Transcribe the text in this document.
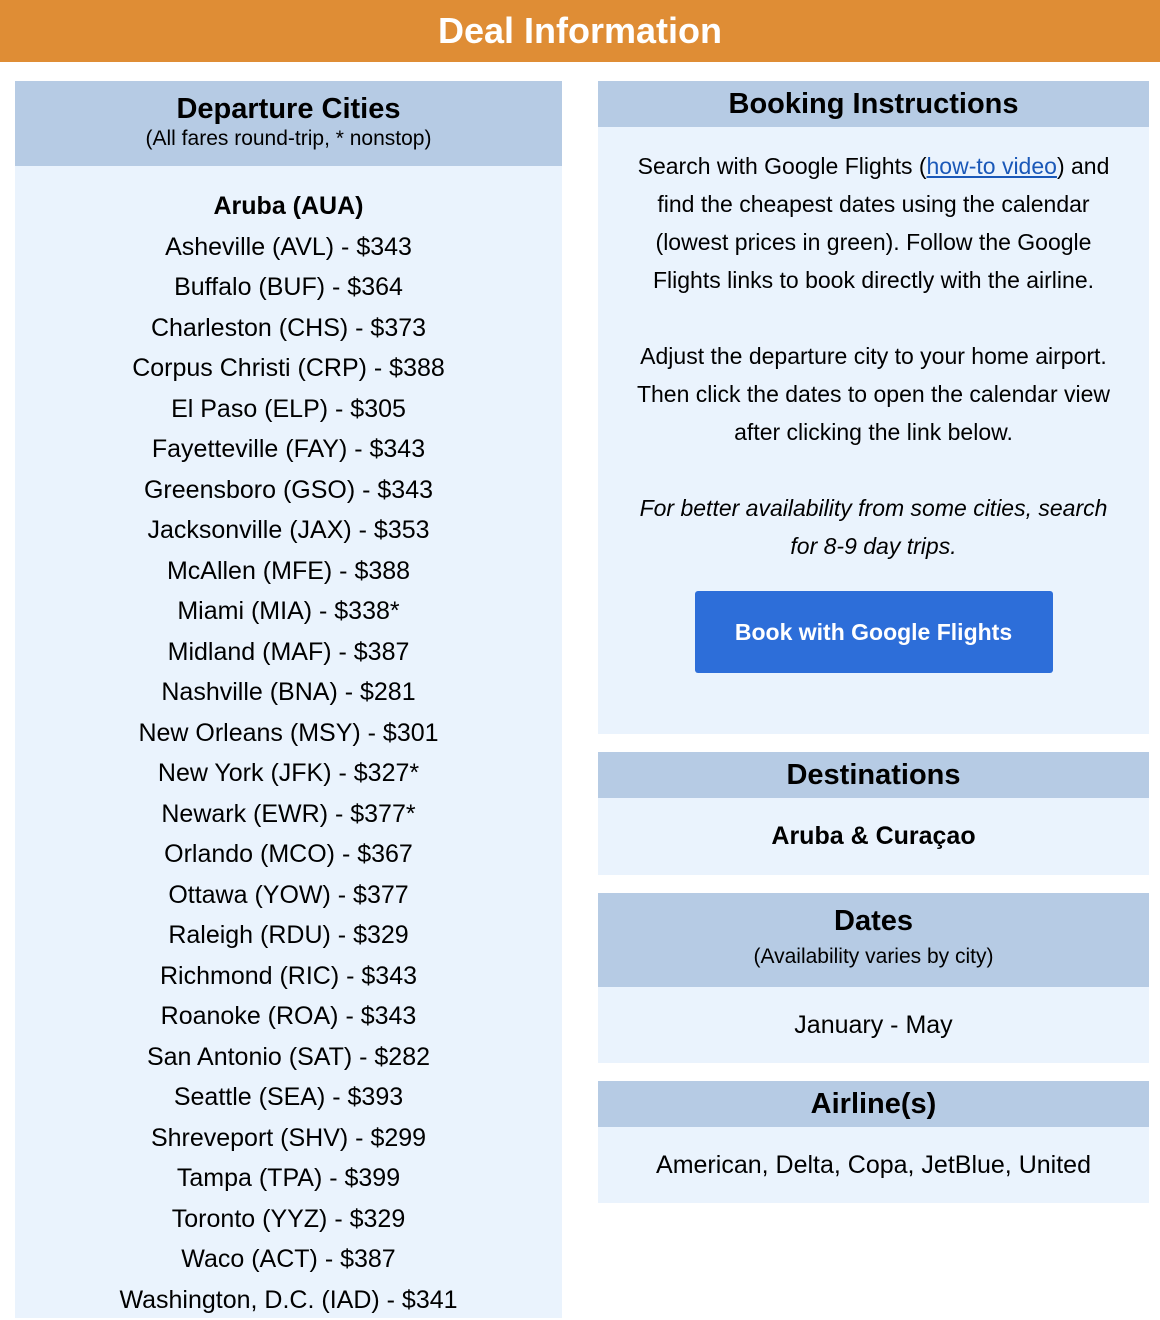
Deal Information
Departure Cities
(All fares round-trip, * nonstop)
Aruba (AUA)
Asheville (AVL) - $343
Buffalo (BUF) - $364
Charleston (CHS) - $373
Corpus Christi (CRP) - $388
El Paso (ELP) - $305
Fayetteville (FAY) - $343
Greensboro (GSO) - $343
Jacksonville (JAX) - $353
McAllen (MFE) - $388
Miami (MIA) - $338*
Midland (MAF) - $387
Nashville (BNA) - $281
New Orleans (MSY) - $301
New York (JFK) - $327*
Newark (EWR) - $377*
Orlando (MCO) - $367
Ottawa (YOW) - $377
Raleigh (RDU) - $329
Richmond (RIC) - $343
Roanoke (ROA) - $343
San Antonio (SAT) - $282
Seattle (SEA) - $393
Shreveport (SHV) - $299
Tampa (TPA) - $399
Toronto (YYZ) - $329
Waco (ACT) - $387
Washington, D.C. (IAD) - $341
Booking Instructions

Search with Google Flights (how-to video) and find the cheapest dates using the calendar (lowest prices in green). Follow the Google Flights links to book directly with the airline.

Adjust the departure city to your home airport. Then click the dates to open the calendar view after clicking the link below.

For better availability from some cities, search for 8-9 day trips.

Book with Google Flights
Destinations
Aruba & Curaçao
Dates
(Availability varies by city)
January - May
Airline(s)
American, Delta, Copa, JetBlue, United
